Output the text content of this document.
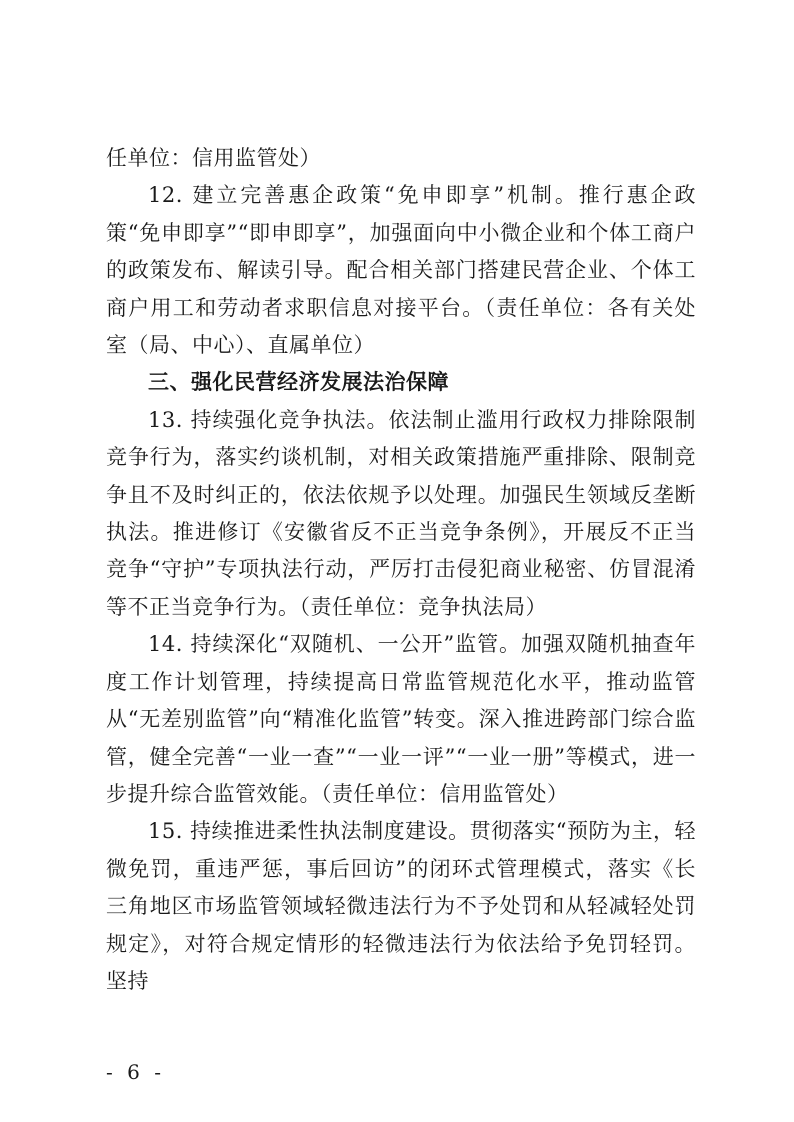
任单位：信用监管处）

12. 建立完善惠企政策“免申即享”机制。推行惠企政策“免申即享”“即申即享”，加强面向中小微企业和个体工商户的政策发布、解读引导。配合相关部门搭建民营企业、个体工商户用工和劳动者求职信息对接平台。（责任单位：各有关处室（局、中心）、直属单位）

三、强化民营经济发展法治保障

13. 持续强化竞争执法。依法制止滥用行政权力排除限制竞争行为，落实约谈机制，对相关政策措施严重排除、限制竞争且不及时纠正的，依法依规予以处理。加强民生领域反垄断执法。推进修订《安徽省反不正当竞争条例》，开展反不正当竞争“守护”专项执法行动，严厉打击侵犯商业秘密、仿冒混淆等不正当竞争行为。（责任单位：竞争执法局）

14. 持续深化“双随机、一公开”监管。加强双随机抽查年度工作计划管理，持续提高日常监管规范化水平，推动监管从“无差别监管”向“精准化监管”转变。深入推进跨部门综合监管，健全完善“一业一查”“一业一评”“一业一册”等模式，进一步提升综合监管效能。（责任单位：信用监管处）

15. 持续推进柔性执法制度建设。贯彻落实“预防为主，轻微免罚，重违严惩，事后回访”的闭环式管理模式，落实《长三角地区市场监管领域轻微违法行为不予处罚和从轻减轻处罚规定》，对符合规定情形的轻微违法行为依法给予免罚轻罚。坚持

- 6 -
